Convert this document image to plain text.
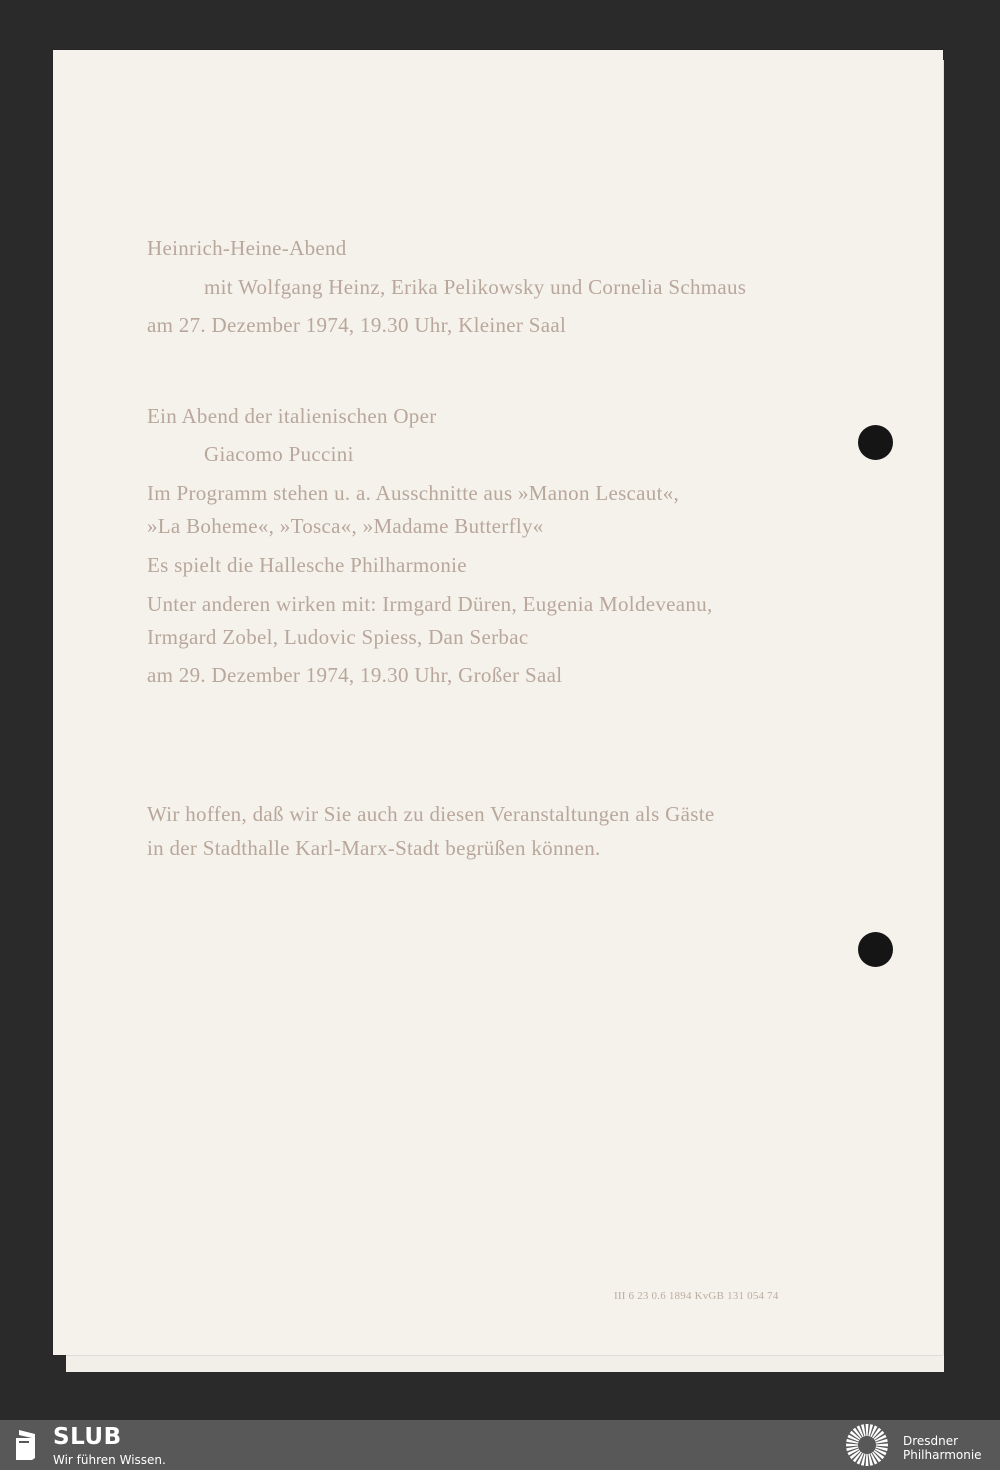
Heinrich-Heine-Abend

mit Wolfgang Heinz, Erika Pelikowsky und Cornelia Schmaus

am 27. Dezember 1974, 19.30 Uhr, Kleiner Saal

Ein Abend der italienischen Oper

Giacomo Puccini

Im Programm stehen u. a. Ausschnitte aus »Manon Lescaut«,

»La Boheme«, »Tosca«, »Madame Butterfly«

Es spielt die Hallesche Philharmonie

Unter anderen wirken mit: Irmgard Düren, Eugenia Moldeveanu,

Irmgard Zobel, Ludovic Spiess, Dan Serbac

am 29. Dezember 1974, 19.30 Uhr, Großer Saal

Wir hoffen, daß wir Sie auch zu diesen Veranstaltungen als Gäste

in der Stadthalle Karl-Marx-Stadt begrüßen können.

III 6 23 0.6 1894 KvGB 131 054 74

SLUB

Wir führen Wissen.

Dresdner

Philharmonie
